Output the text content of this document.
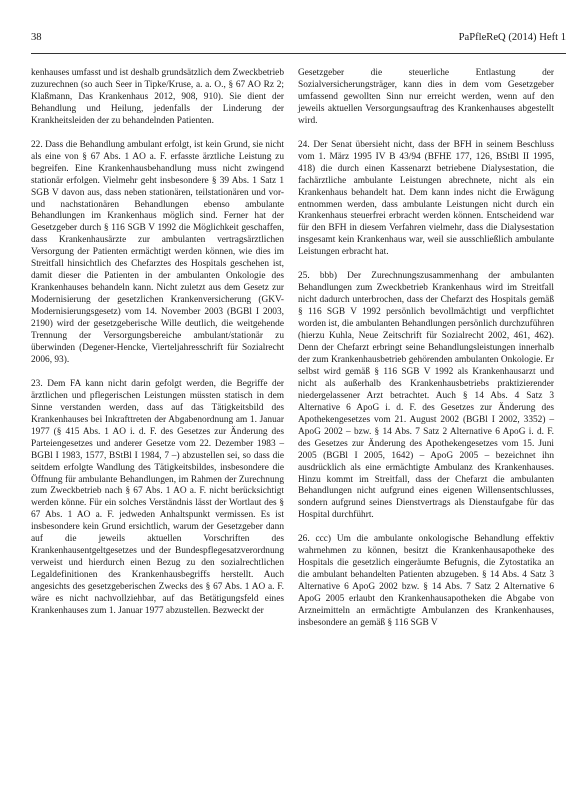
38	PaPfleReQ (2014) Heft 1

kenhauses umfasst und ist deshalb grundsätzlich dem Zweckbetrieb zuzurechnen (so auch Seer in Tipke/Kruse, a. a. O., § 67 AO Rz 2; Klaßmann, Das Krankenhaus 2012, 908, 910). Sie dient der Behandlung und Heilung, jedenfalls der Linderung der Krankheitsleiden der zu behandelnden Patienten.

22. Dass die Behandlung ambulant erfolgt, ist kein Grund, sie nicht als eine von § 67 Abs. 1 AO a. F. erfasste ärztliche Leistung zu begreifen. Eine Krankenhausbehandlung muss nicht zwingend stationär erfolgen. Vielmehr geht insbesondere § 39 Abs. 1 Satz 1 SGB V davon aus, dass neben stationären, teilstationären und vor- und nachstationären Behandlungen ebenso ambulante Behandlungen im Krankenhaus möglich sind. Ferner hat der Gesetzgeber durch § 116 SGB V 1992 die Möglichkeit geschaffen, dass Krankenhausärzte zur ambulanten vertragsärztlichen Versorgung der Patienten ermächtigt werden können, wie dies im Streitfall hinsichtlich des Chefarztes des Hospitals geschehen ist, damit dieser die Patienten in der ambulanten Onkologie des Krankenhauses behandeln kann. Nicht zuletzt aus dem Gesetz zur Modernisierung der gesetzlichen Krankenversicherung (GKV-Modernisierungsgesetz) vom 14. November 2003 (BGBl I 2003, 2190) wird der gesetzgeberische Wille deutlich, die weitgehende Trennung der Versorgungsbereiche ambulant/stationär zu überwinden (Degener-Hencke, Vierteljahresschrift für Sozialrecht 2006, 93).

23. Dem FA kann nicht darin gefolgt werden, die Begriffe der ärztlichen und pflegerischen Leistungen müssten statisch in dem Sinne verstanden werden, dass auf das Tätigkeitsbild des Krankenhauses bei Inkrafttreten der Abgabenordnung am 1. Januar 1977 (§ 415 Abs. 1 AO i. d. F. des Gesetzes zur Änderung des Parteiengesetzes und anderer Gesetze vom 22. Dezember 1983 – BGBl I 1983, 1577, BStBl I 1984, 7 –) abzustellen sei, so dass die seitdem erfolgte Wandlung des Tätigkeitsbildes, insbesondere die Öffnung für ambulante Behandlungen, im Rahmen der Zurechnung zum Zweckbetrieb nach § 67 Abs. 1 AO a. F. nicht berücksichtigt werden könne. Für ein solches Verständnis lässt der Wortlaut des § 67 Abs. 1 AO a. F. jedweden Anhaltspunkt vermissen. Es ist insbesondere kein Grund ersichtlich, warum der Gesetzgeber dann auf die jeweils aktuellen Vorschriften des Krankenhausentgeltgesetzes und der Bundespflegesatzverordnung verweist und hierdurch einen Bezug zu den sozialrechtlichen Legaldefinitionen des Krankenhausbegriffs herstellt. Auch angesichts des gesetzgeberischen Zwecks des § 67 Abs. 1 AO a. F. wäre es nicht nachvollziehbar, auf das Betätigungsfeld eines Krankenhauses zum 1. Januar 1977 abzustellen. Bezweckt der

Gesetzgeber die steuerliche Entlastung der Sozialversicherungsträger, kann dies in dem vom Gesetzgeber umfassend gewollten Sinn nur erreicht werden, wenn auf den jeweils aktuellen Versorgungsauftrag des Krankenhauses abgestellt wird.

24. Der Senat übersieht nicht, dass der BFH in seinem Beschluss vom 1. März 1995 IV B 43/94 (BFHE 177, 126, BStBl II 1995, 418) die durch einen Kassenarzt betriebene Dialysestation, die fachärztliche ambulante Leistungen abrechnete, nicht als ein Krankenhaus behandelt hat. Dem kann indes nicht die Erwägung entnommen werden, dass ambulante Leistungen nicht durch ein Krankenhaus steuerfrei erbracht werden können. Entscheidend war für den BFH in diesem Verfahren vielmehr, dass die Dialysestation insgesamt kein Krankenhaus war, weil sie ausschließlich ambulante Leistungen erbracht hat.

25. bbb) Der Zurechnungszusammenhang der ambulanten Behandlungen zum Zweckbetrieb Krankenhaus wird im Streitfall nicht dadurch unterbrochen, dass der Chefarzt des Hospitals gemäß § 116 SGB V 1992 persönlich bevollmächtigt und verpflichtet worden ist, die ambulanten Behandlungen persönlich durchzuführen (hierzu Kuhla, Neue Zeitschrift für Sozialrecht 2002, 461, 462). Denn der Chefarzt erbringt seine Behandlungsleistungen innerhalb der zum Krankenhausbetrieb gehörenden ambulanten Onkologie. Er selbst wird gemäß § 116 SGB V 1992 als Krankenhausarzt und nicht als außerhalb des Krankenhausbetriebs praktizierender niedergelassener Arzt betrachtet. Auch § 14 Abs. 4 Satz 3 Alternative 6 ApoG i. d. F. des Gesetzes zur Änderung des Apothekengesetzes vom 21. August 2002 (BGBl I 2002, 3352) – ApoG 2002 – bzw. § 14 Abs. 7 Satz 2 Alternative 6 ApoG i. d. F. des Gesetzes zur Änderung des Apothekengesetzes vom 15. Juni 2005 (BGBl I 2005, 1642) – ApoG 2005 – bezeichnet ihn ausdrücklich als eine ermächtigte Ambulanz des Krankenhauses. Hinzu kommt im Streitfall, dass der Chefarzt die ambulanten Behandlungen nicht aufgrund eines eigenen Willensentschlusses, sondern aufgrund seines Dienstvertrags als Dienstaufgabe für das Hospital durchführt.

26. ccc) Um die ambulante onkologische Behandlung effektiv wahrnehmen zu können, besitzt die Krankenhausapotheke des Hospitals die gesetzlich eingeräumte Befugnis, die Zytostatika an die ambulant behandelten Patienten abzugeben. § 14 Abs. 4 Satz 3 Alternative 6 ApoG 2002 bzw. § 14 Abs. 7 Satz 2 Alternative 6 ApoG 2005 erlaubt den Krankenhausapotheken die Abgabe von Arzneimitteln an ermächtigte Ambulanzen des Krankenhauses, insbesondere an gemäß § 116 SGB V
